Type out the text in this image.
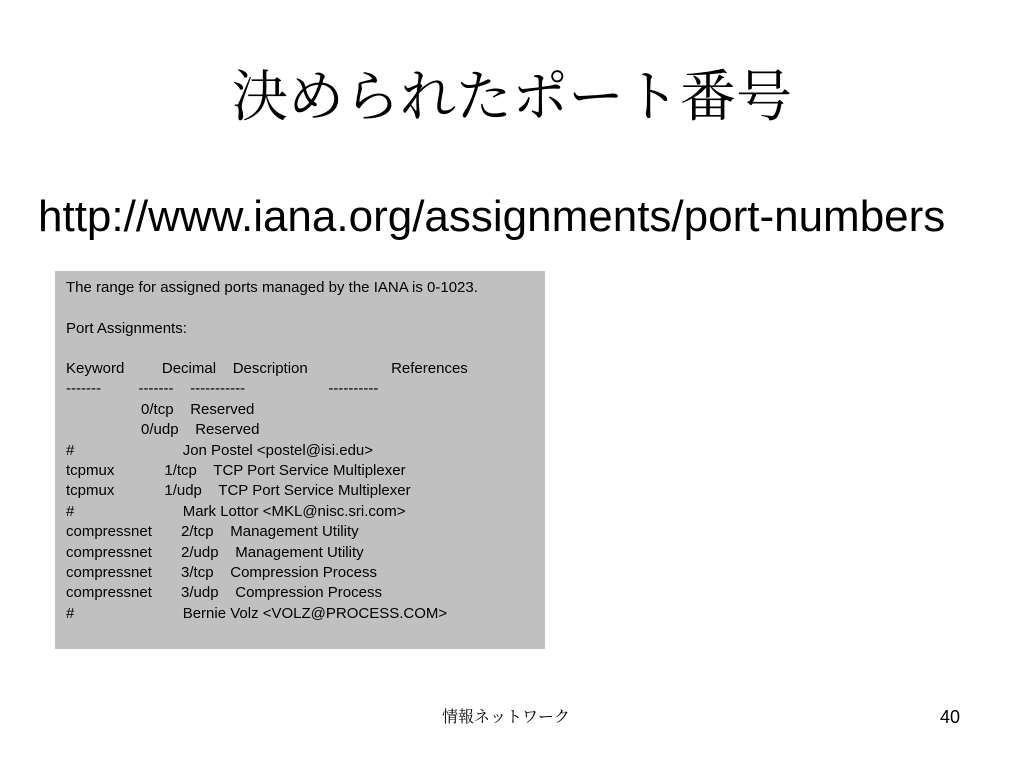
決められたポート番号
http://www.iana.org/assignments/port-numbers
The range for assigned ports managed by the IANA is 0-1023.
Port Assignments:
Keyword         Decimal    Description                    References
-------         -------    -----------                    ----------
0/tcp    Reserved
0/udp    Reserved
#                          Jon Postel <postel@isi.edu>
tcpmux            1/tcp    TCP Port Service Multiplexer
tcpmux            1/udp    TCP Port Service Multiplexer
#                          Mark Lottor <MKL@nisc.sri.com>
compressnet       2/tcp    Management Utility
compressnet       2/udp    Management Utility
compressnet       3/tcp    Compression Process
compressnet       3/udp    Compression Process
#                          Bernie Volz <VOLZ@PROCESS.COM>
情報ネットワーク	40
